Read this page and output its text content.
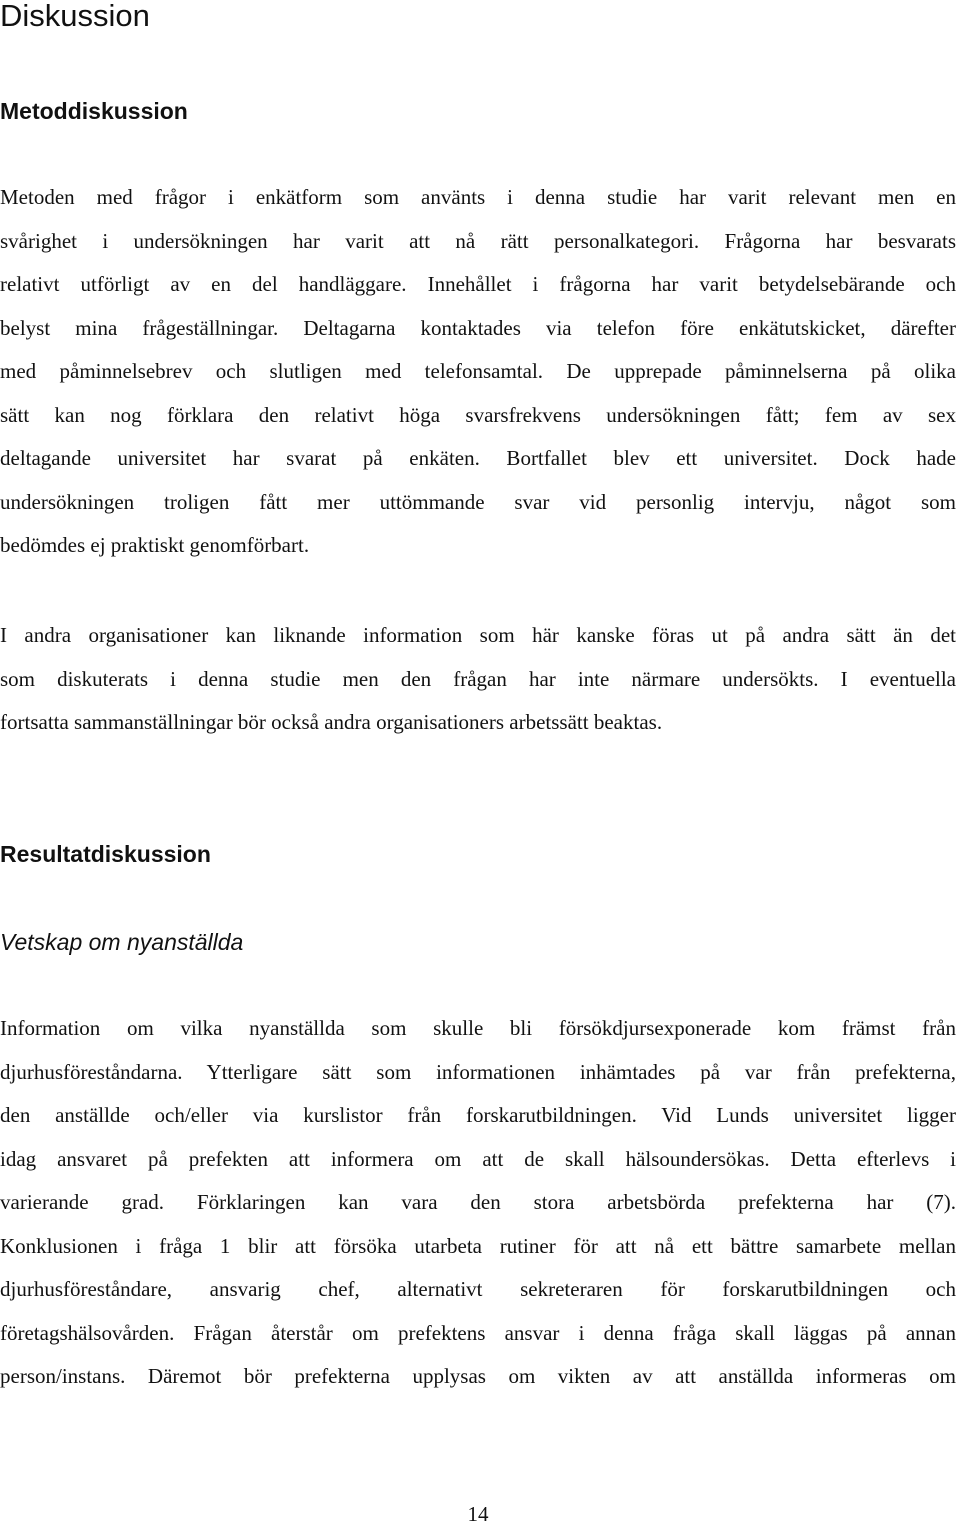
Diskussion
Metoddiskussion
Metoden med frågor i enkätform som använts i denna studie har varit relevant men en
svårighet i undersökningen har varit att nå rätt personalkategori. Frågorna har besvarats
relativt utförligt av en del handläggare. Innehållet i frågorna har varit betydelsebärande och
belyst mina frågeställningar. Deltagarna kontaktades via telefon före enkätutskicket, därefter
med påminnelsebrev och slutligen med telefonsamtal. De upprepade påminnelserna på olika
sätt kan nog förklara den relativt höga svarsfrekvens undersökningen fått; fem av sex
deltagande universitet har svarat på enkäten. Bortfallet blev ett universitet. Dock hade
undersökningen troligen fått mer uttömmande svar vid personlig intervju, något som
bedömdes ej praktiskt genomförbart.
I andra organisationer kan liknande information som här kanske föras ut på andra sätt än det
som diskuterats i denna studie men den frågan har inte närmare undersökts. I eventuella
fortsatta sammanställningar bör också andra organisationers arbetssätt beaktas.
Resultatdiskussion
Vetskap om nyanställda
Information om vilka nyanställda som skulle bli försökdjursexponerade kom främst från
djurhusföreståndarna. Ytterligare sätt som informationen inhämtades på var från prefekterna,
den anställde och/eller via kurslistor från forskarutbildningen. Vid Lunds universitet ligger
idag ansvaret på prefekten att informera om att de skall hälsoundersökas. Detta efterlevs i
varierande grad. Förklaringen kan vara den stora arbetsbörda prefekterna har (7).
Konklusionen i fråga 1 blir att försöka utarbeta rutiner för att nå ett bättre samarbete mellan
djurhusföreståndare, ansvarig chef, alternativt sekreteraren för forskarutbildningen och
företagshälsovården. Frågan återstår om prefektens ansvar i denna fråga skall läggas på annan
person/instans. Däremot bör prefekterna upplysas om vikten av att anställda informeras om
14
